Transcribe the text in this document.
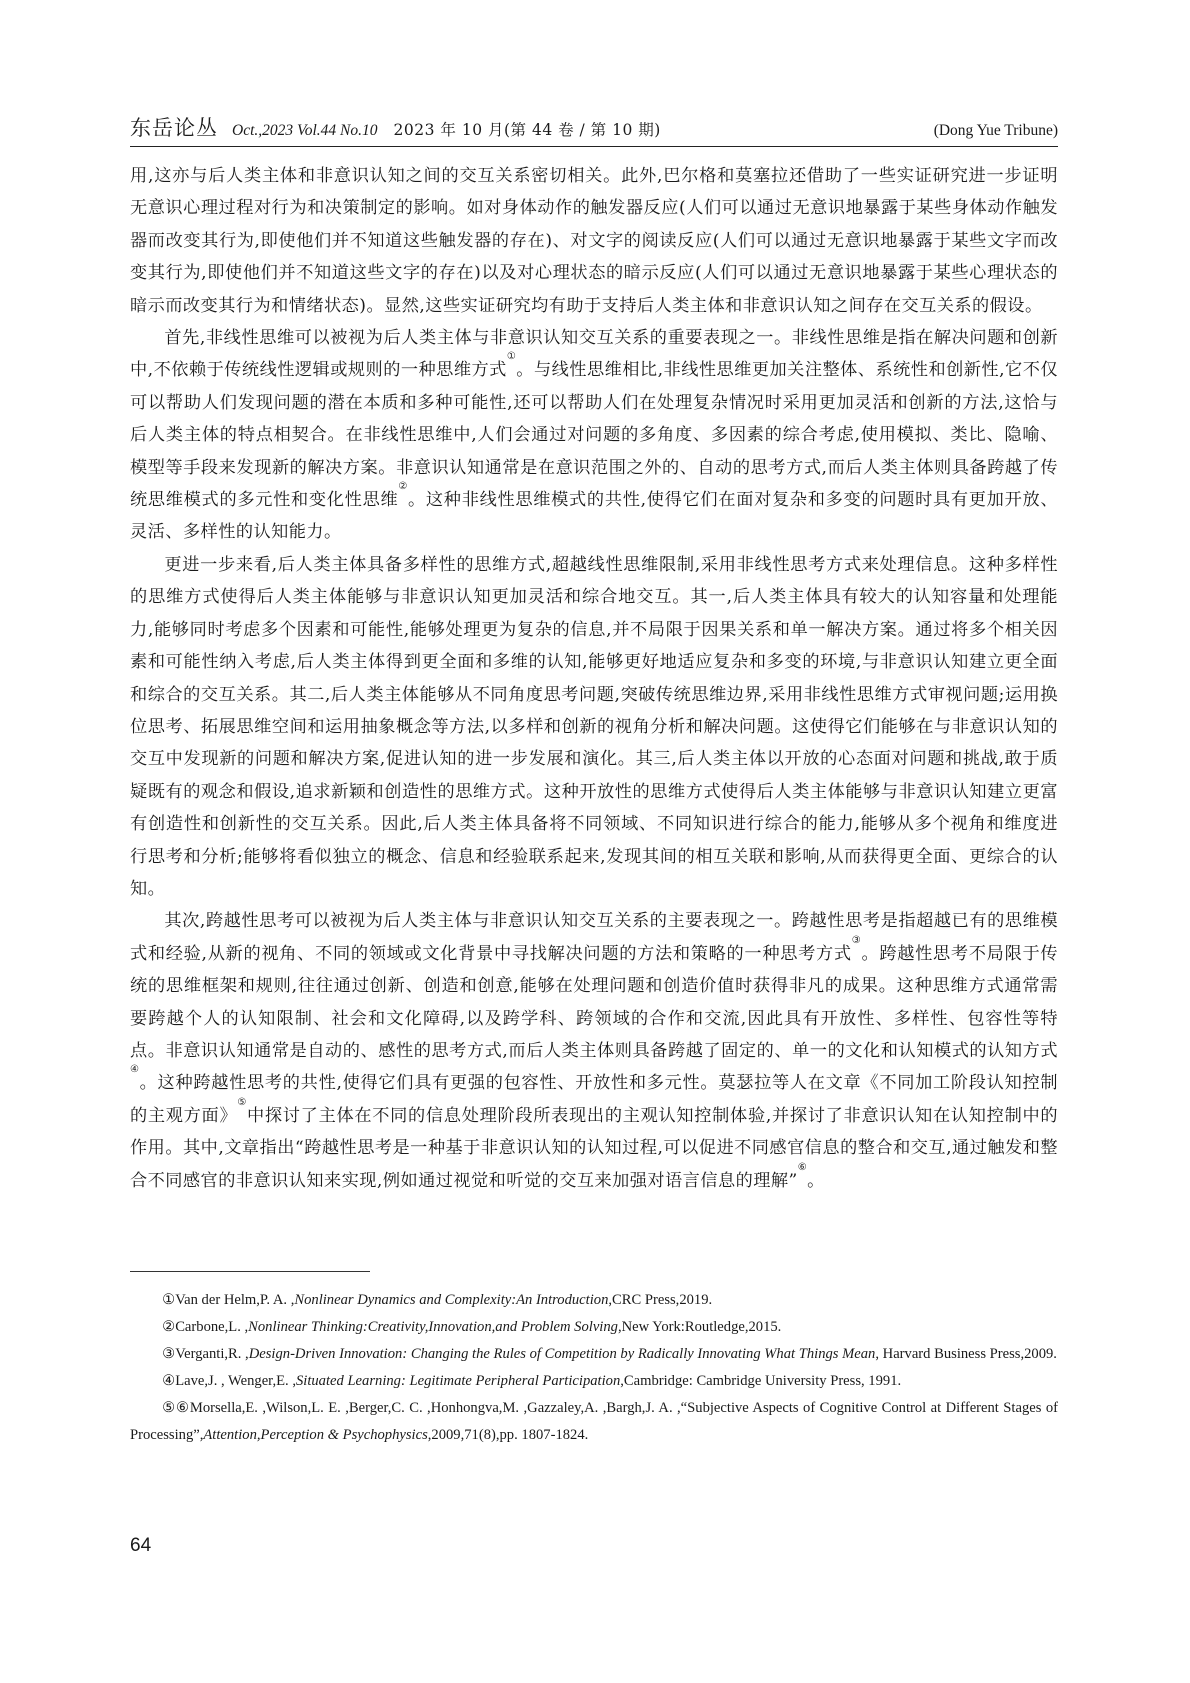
东岳论丛 Oct.,2023 Vol.44 No.10 2023 年 10 月(第 44 卷 / 第 10 期)	(Dong Yue Tribune)

用,这亦与后人类主体和非意识认知之间的交互关系密切相关。此外,巴尔格和莫塞拉还借助了一些实证研究进一步证明无意识心理过程对行为和决策制定的影响。如对身体动作的触发器反应(人们可以通过无意识地暴露于某些身体动作触发器而改变其行为,即使他们并不知道这些触发器的存在)、对文字的阅读反应(人们可以通过无意识地暴露于某些文字而改变其行为,即使他们并不知道这些文字的存在)以及对心理状态的暗示反应(人们可以通过无意识地暴露于某些心理状态的暗示而改变其行为和情绪状态)。显然,这些实证研究均有助于支持后人类主体和非意识认知之间存在交互关系的假设。

首先,非线性思维可以被视为后人类主体与非意识认知交互关系的重要表现之一。非线性思维是指在解决问题和创新中,不依赖于传统线性逻辑或规则的一种思维方式①。与线性思维相比,非线性思维更加关注整体、系统性和创新性,它不仅可以帮助人们发现问题的潜在本质和多种可能性,还可以帮助人们在处理复杂情况时采用更加灵活和创新的方法,这恰与后人类主体的特点相契合。在非线性思维中,人们会通过对问题的多角度、多因素的综合考虑,使用模拟、类比、隐喻、模型等手段来发现新的解决方案。非意识认知通常是在意识范围之外的、自动的思考方式,而后人类主体则具备跨越了传统思维模式的多元性和变化性思维②。这种非线性思维模式的共性,使得它们在面对复杂和多变的问题时具有更加开放、灵活、多样性的认知能力。

更进一步来看,后人类主体具备多样性的思维方式,超越线性思维限制,采用非线性思考方式来处理信息。这种多样性的思维方式使得后人类主体能够与非意识认知更加灵活和综合地交互。其一,后人类主体具有较大的认知容量和处理能力,能够同时考虑多个因素和可能性,能够处理更为复杂的信息,并不局限于因果关系和单一解决方案。通过将多个相关因素和可能性纳入考虑,后人类主体得到更全面和多维的认知,能够更好地适应复杂和多变的环境,与非意识认知建立更全面和综合的交互关系。其二,后人类主体能够从不同角度思考问题,突破传统思维边界,采用非线性思维方式审视问题;运用换位思考、拓展思维空间和运用抽象概念等方法,以多样和创新的视角分析和解决问题。这使得它们能够在与非意识认知的交互中发现新的问题和解决方案,促进认知的进一步发展和演化。其三,后人类主体以开放的心态面对问题和挑战,敢于质疑既有的观念和假设,追求新颖和创造性的思维方式。这种开放性的思维方式使得后人类主体能够与非意识认知建立更富有创造性和创新性的交互关系。因此,后人类主体具备将不同领域、不同知识进行综合的能力,能够从多个视角和维度进行思考和分析;能够将看似独立的概念、信息和经验联系起来,发现其间的相互关联和影响,从而获得更全面、更综合的认知。

其次,跨越性思考可以被视为后人类主体与非意识认知交互关系的主要表现之一。跨越性思考是指超越已有的思维模式和经验,从新的视角、不同的领域或文化背景中寻找解决问题的方法和策略的一种思考方式③。跨越性思考不局限于传统的思维框架和规则,往往通过创新、创造和创意,能够在处理问题和创造价值时获得非凡的成果。这种思维方式通常需要跨越个人的认知限制、社会和文化障碍,以及跨学科、跨领域的合作和交流,因此具有开放性、多样性、包容性等特点。非意识认知通常是自动的、感性的思考方式,而后人类主体则具备跨越了固定的、单一的文化和认知模式的认知方式④。这种跨越性思考的共性,使得它们具有更强的包容性、开放性和多元性。莫瑟拉等人在文章《不同加工阶段认知控制的主观方面》⑤中探讨了主体在不同的信息处理阶段所表现出的主观认知控制体验,并探讨了非意识认知在认知控制中的作用。其中,文章指出“跨越性思考是一种基于非意识认知的认知过程,可以促进不同感官信息的整合和交互,通过触发和整合不同感官的非意识认知来实现,例如通过视觉和听觉的交互来加强对语言信息的理解”⑥。

①Van der Helm,P. A. ,Nonlinear Dynamics and Complexity:An Introduction,CRC Press,2019.

②Carbone,L. ,Nonlinear Thinking:Creativity,Innovation,and Problem Solving,New York:Routledge,2015.

③Verganti,R. ,Design-Driven Innovation: Changing the Rules of Competition by Radically Innovating What Things Mean, Harvard Business Press,2009.

④Lave,J. , Wenger,E. ,Situated Learning: Legitimate Peripheral Participation,Cambridge: Cambridge University Press, 1991.

⑤⑥Morsella,E. ,Wilson,L. E. ,Berger,C. C. ,Honhongva,M. ,Gazzaley,A. ,Bargh,J. A. ,“Subjective Aspects of Cognitive Control at Different Stages of Processing”,Attention,Perception & Psychophysics,2009,71(8),pp. 1807-1824.

64
